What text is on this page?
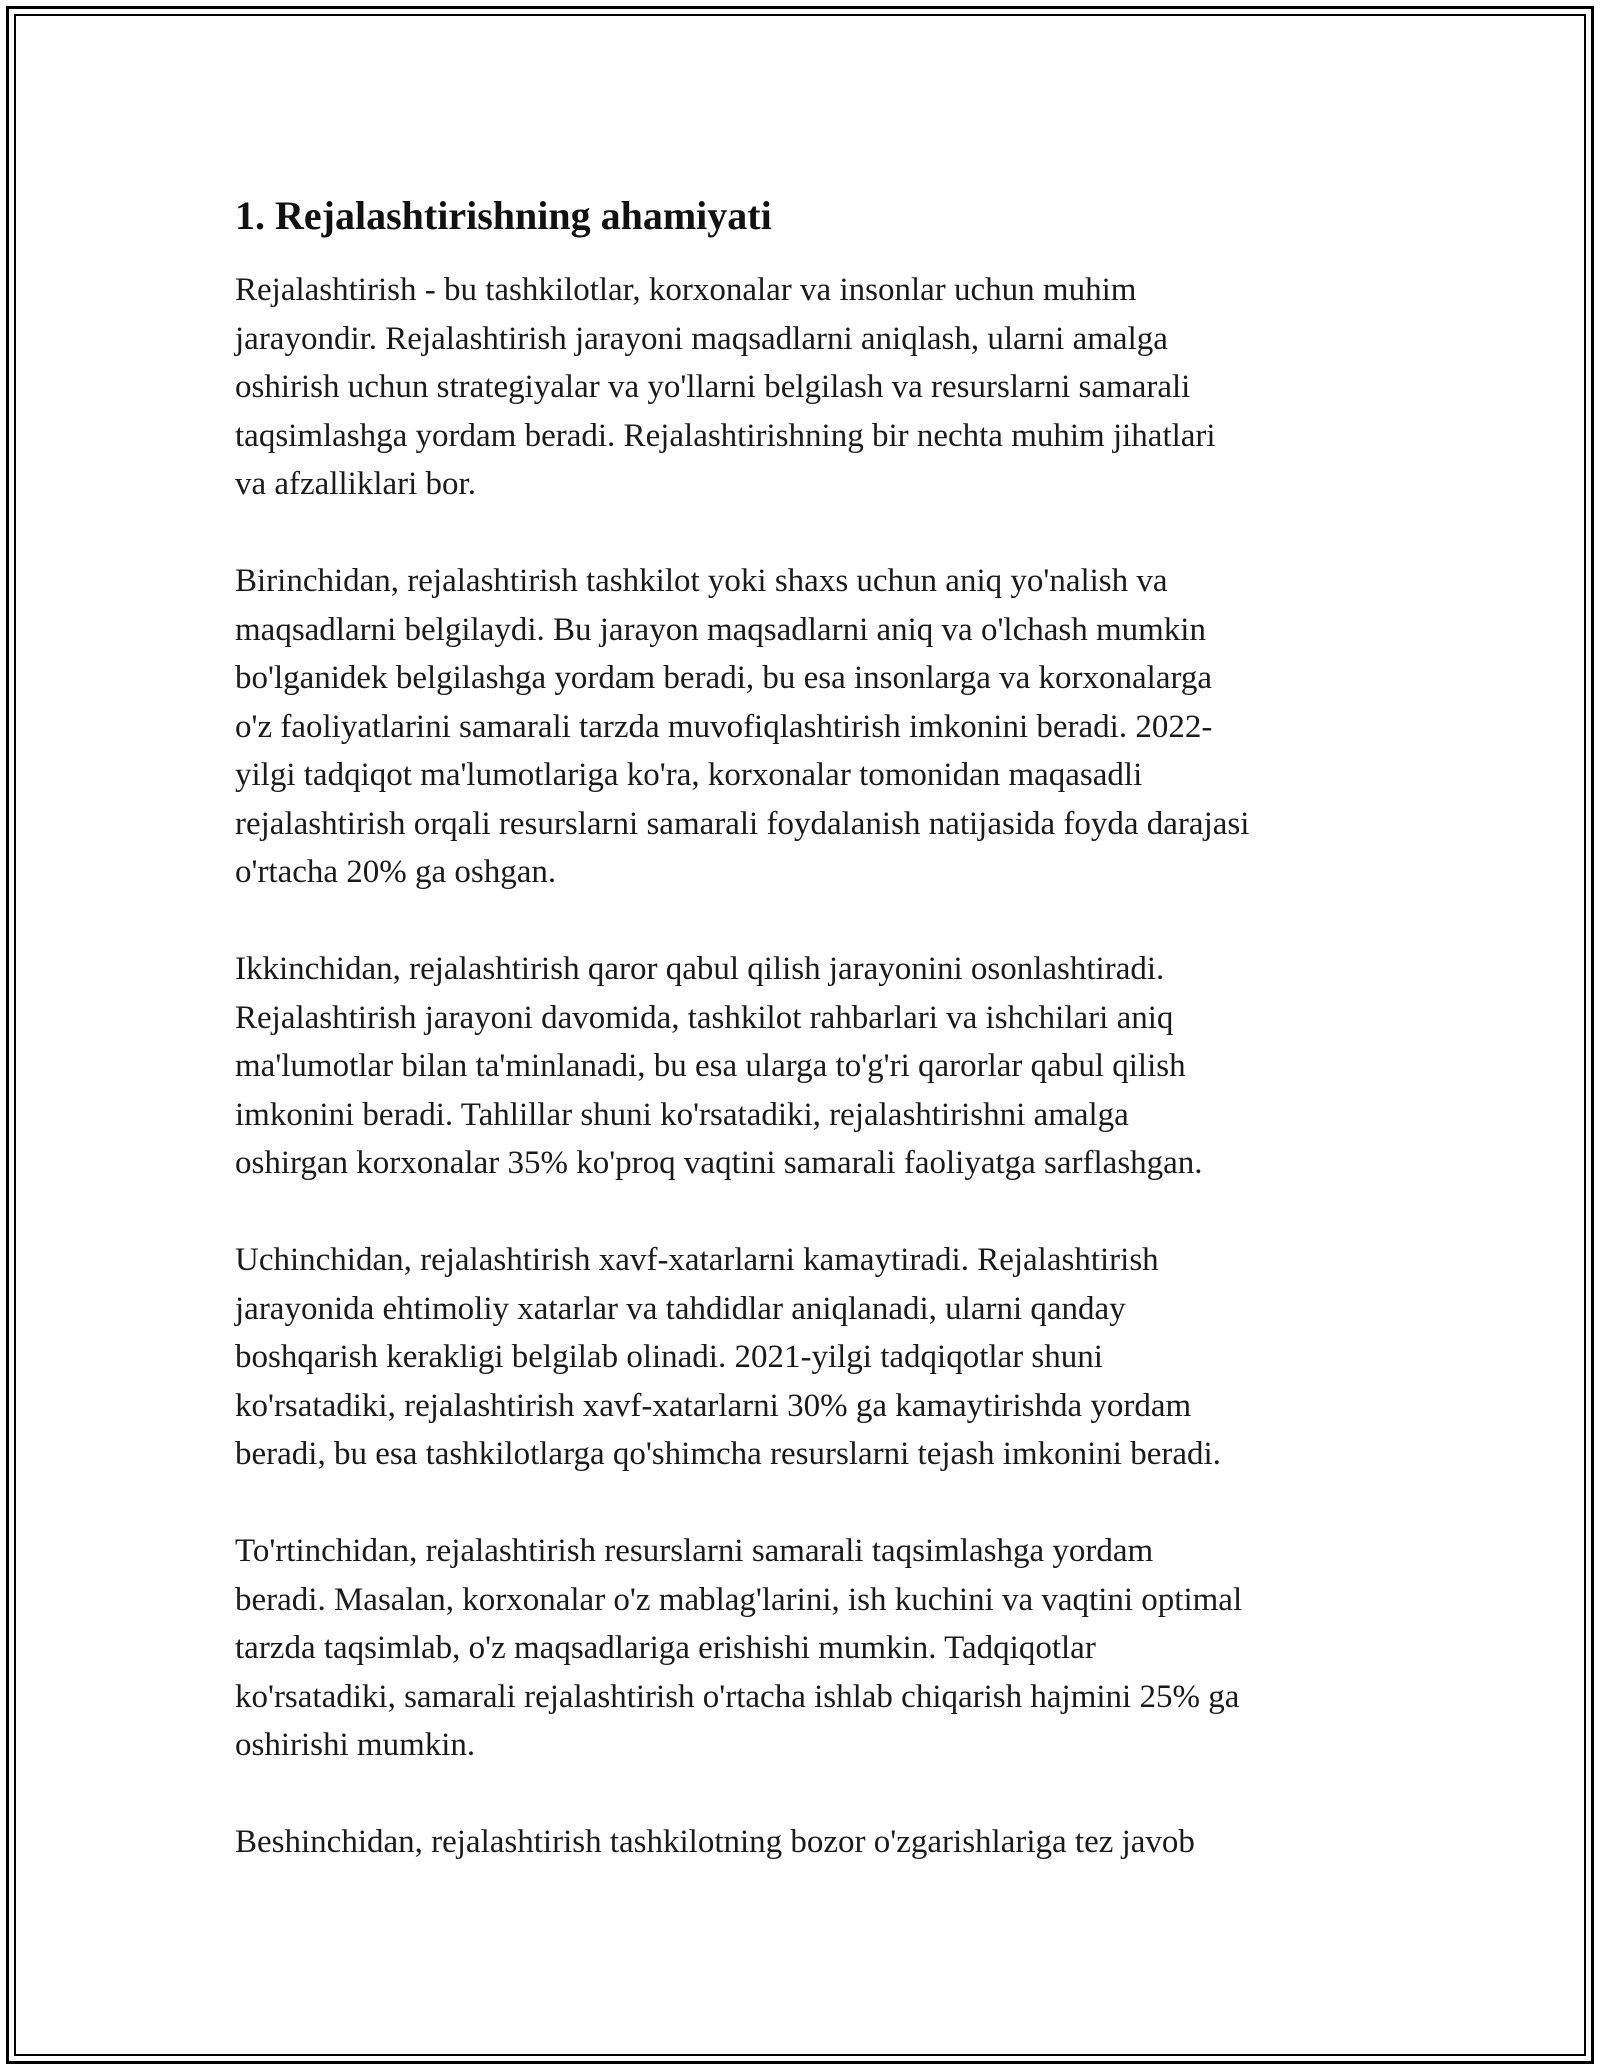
1. Rejalashtirishning ahamiyati

Rejalashtirish - bu tashkilotlar, korxonalar va insonlar uchun muhim
jarayondir. Rejalashtirish jarayoni maqsadlarni aniqlash, ularni amalga
oshirish uchun strategiyalar va yo'llarni belgilash va resurslarni samarali
taqsimlashga yordam beradi. Rejalashtirishning bir nechta muhim jihatlari
va afzalliklari bor.

Birinchidan, rejalashtirish tashkilot yoki shaxs uchun aniq yo'nalish va
maqsadlarni belgilaydi. Bu jarayon maqsadlarni aniq va o'lchash mumkin
bo'lganidek belgilashga yordam beradi, bu esa insonlarga va korxonalarga
o'z faoliyatlarini samarali tarzda muvofiqlashtirish imkonini beradi. 2022-
yilgi tadqiqot ma'lumotlariga ko'ra, korxonalar tomonidan maqasadli
rejalashtirish orqali resurslarni samarali foydalanish natijasida foyda darajasi
o'rtacha 20% ga oshgan.

Ikkinchidan, rejalashtirish qaror qabul qilish jarayonini osonlashtiradi.
Rejalashtirish jarayoni davomida, tashkilot rahbarlari va ishchilari aniq
ma'lumotlar bilan ta'minlanadi, bu esa ularga to'g'ri qarorlar qabul qilish
imkonini beradi. Tahlillar shuni ko'rsatadiki, rejalashtirishni amalga
oshirgan korxonalar 35% ko'proq vaqtini samarali faoliyatga sarflashgan.

Uchinchidan, rejalashtirish xavf-xatarlarni kamaytiradi. Rejalashtirish
jarayonida ehtimoliy xatarlar va tahdidlar aniqlanadi, ularni qanday
boshqarish kerakligi belgilab olinadi. 2021-yilgi tadqiqotlar shuni
ko'rsatadiki, rejalashtirish xavf-xatarlarni 30% ga kamaytirishda yordam
beradi, bu esa tashkilotlarga qo'shimcha resurslarni tejash imkonini beradi.

To'rtinchidan, rejalashtirish resurslarni samarali taqsimlashga yordam
beradi. Masalan, korxonalar o'z mablag'larini, ish kuchini va vaqtini optimal
tarzda taqsimlab, o'z maqsadlariga erishishi mumkin. Tadqiqotlar
ko'rsatadiki, samarali rejalashtirish o'rtacha ishlab chiqarish hajmini 25% ga
oshirishi mumkin.

Beshinchidan, rejalashtirish tashkilotning bozor o'zgarishlariga tez javob
